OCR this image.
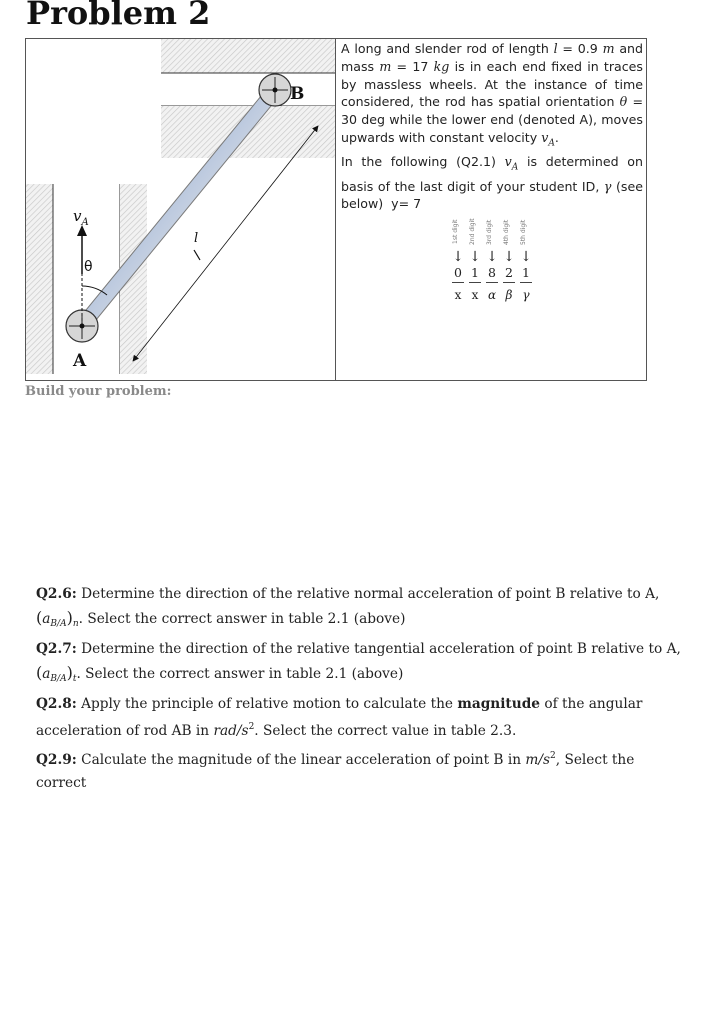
Problem 2
B
A
$v_A$
θ
l
A long and slender rod of length l = 0.9 m and mass m = 17 kg is in each end fixed in traces by massless wheels. At the instance of time considered, the rod has spatial orientation θ = 30 deg while the lower end (denoted A), moves upwards with constant velocity $v_A$.
In the following (Q2.1) $v_A$ is determined on basis of the last digit of your student ID, γ (see below) y= 7
1st digit	2nd digit	3rd digit	4th digit	5th digit
↓ ↓ ↓ ↓ ↓
0 1 8 2 1
x x α β γ
Build your problem:
Q2.6: Determine the direction of the relative normal acceleration of point B relative to A,
$(a_{B/A})_n$. Select the correct answer in table 2.1 (above)
Q2.7: Determine the direction of the relative tangential acceleration of point B relative to A,
$(a_{B/A})_t$. Select the correct answer in table 2.1 (above)
Q2.8: Apply the principle of relative motion to calculate the magnitude of the angular acceleration of rod AB in rad/$s^2$. Select the correct value in table 2.3.
Q2.9: Calculate the magnitude of the linear acceleration of point B in $m/s^2$, Select the correct
